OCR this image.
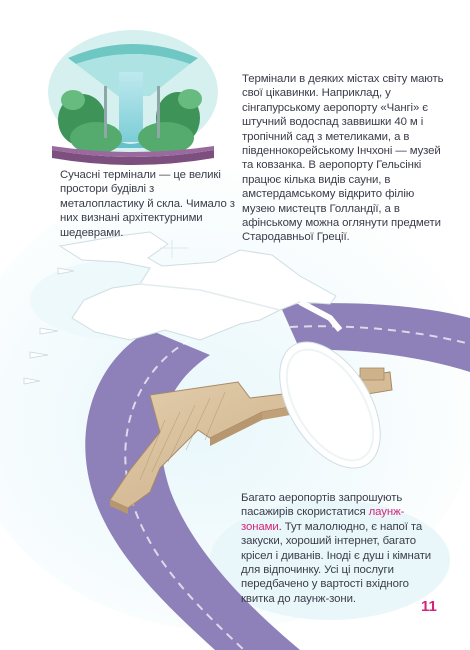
Термінали в деяких містах світу мають свої цікавинки. Наприклад, у сінгапурському аеропорту «Чангі» є штучний водоспад заввишки 40 м і тропічний сад з метеликами, а в південнокорейському Інчхоні — музей та ковзанка. В аеропорту Гельсінкі працює кілька видів сауни, в амстердамському відкрито філію музею мистецтв Голландії, а в афінському можна оглянути предмети Стародавньої Греції.
Сучасні термінали — це великі простори будівлі з металопластику й скла. Чимало з них визнані архітектурними шедеврами.
Багато аеропортів запрошують пасажирів скористатися лаунж-зонами. Тут малолюдно, є напої та закуски, хороший інтернет, багато крісел і диванів. Іноді є душ і кімнати для відпочинку. Усі ці послуги передбачено у вартості вхідного квитка до лаунж-зони.	11
